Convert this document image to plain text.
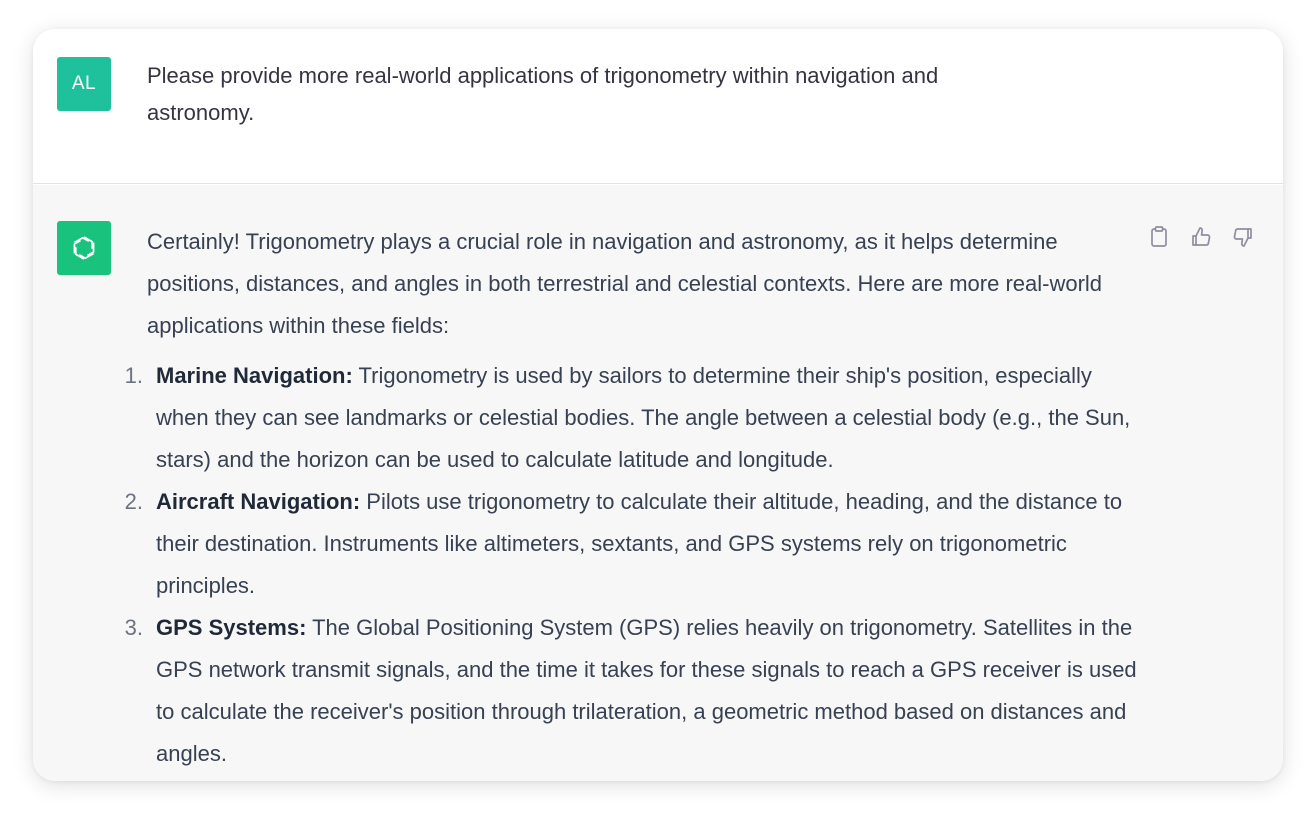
AL	Please provide more real-world applications of trigonometry within navigation and astronomy.

Certainly! Trigonometry plays a crucial role in navigation and astronomy, as it helps determine positions, distances, and angles in both terrestrial and celestial contexts. Here are more real-world applications within these fields:

1. Marine Navigation: Trigonometry is used by sailors to determine their ship's position, especially when they can see landmarks or celestial bodies. The angle between a celestial body (e.g., the Sun, stars) and the horizon can be used to calculate latitude and longitude.
2. Aircraft Navigation: Pilots use trigonometry to calculate their altitude, heading, and the distance to their destination. Instruments like altimeters, sextants, and GPS systems rely on trigonometric principles.
3. GPS Systems: The Global Positioning System (GPS) relies heavily on trigonometry. Satellites in the GPS network transmit signals, and the time it takes for these signals to reach a GPS receiver is used to calculate the receiver's position through trilateration, a geometric method based on distances and angles.
